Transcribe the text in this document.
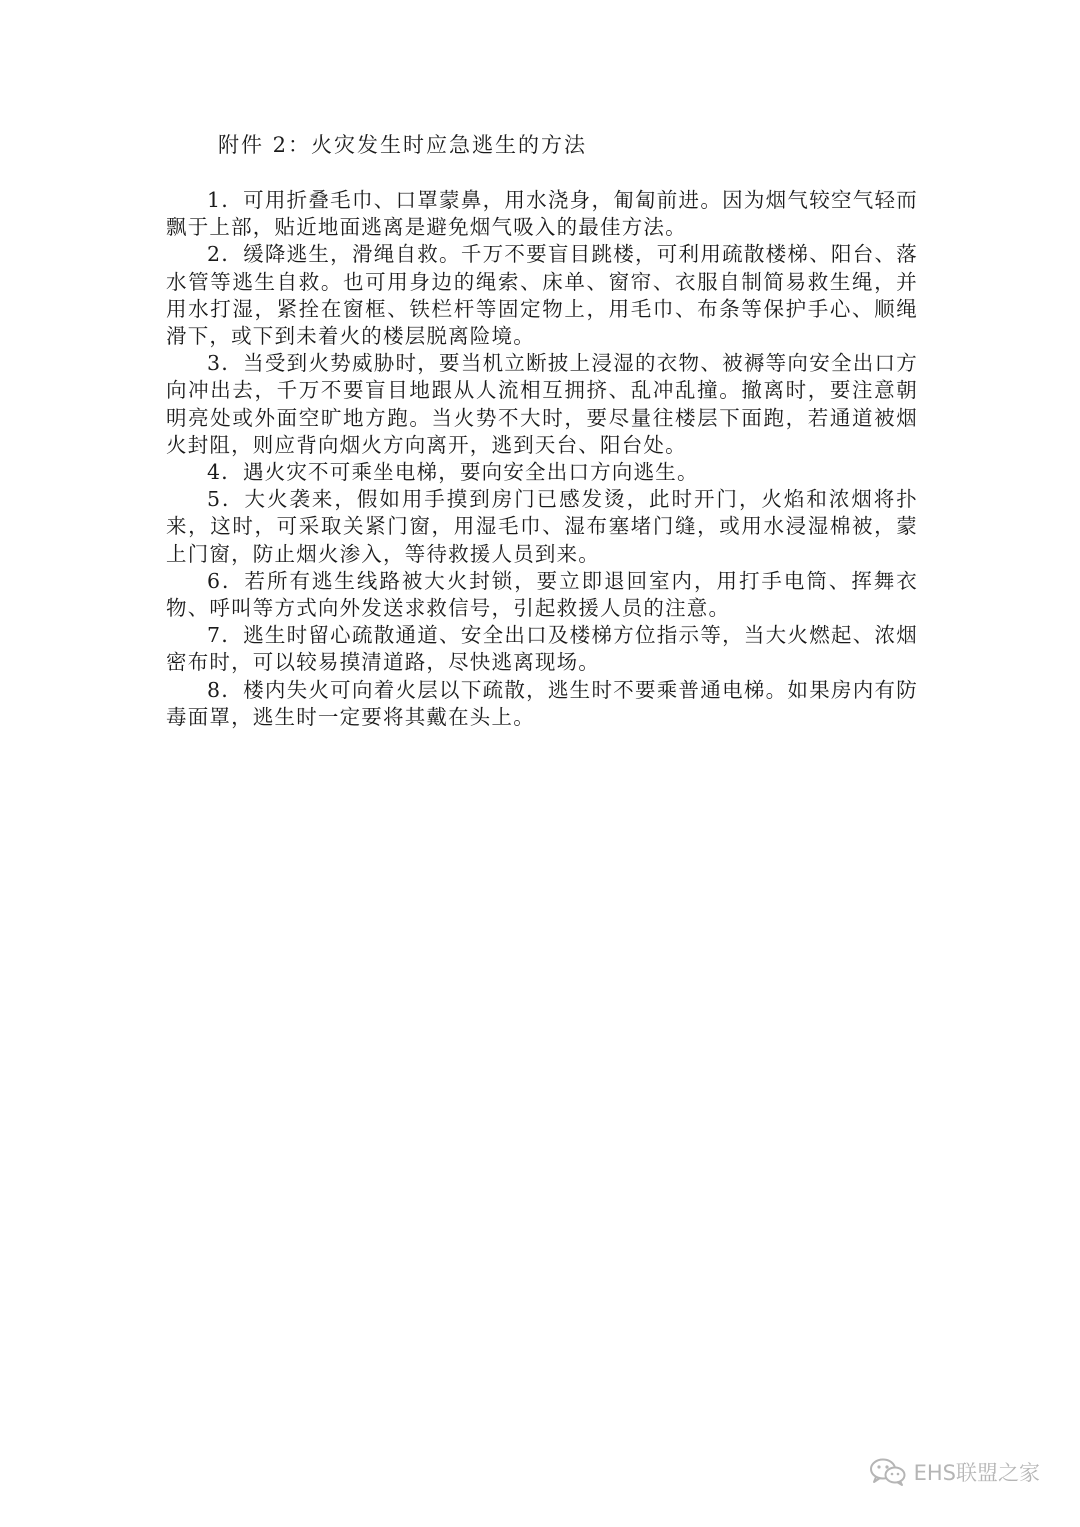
附件 2：火灾发生时应急逃生的方法

1．可用折叠毛巾、口罩蒙鼻，用水浇身，匍匐前进。因为烟气较空气轻而飘于上部，贴近地面逃离是避免烟气吸入的最佳方法。

2．缓降逃生，滑绳自救。千万不要盲目跳楼，可利用疏散楼梯、阳台、落水管等逃生自救。也可用身边的绳索、床单、窗帘、衣服自制简易救生绳，并用水打湿，紧拴在窗框、铁栏杆等固定物上，用毛巾、布条等保护手心、顺绳滑下，或下到未着火的楼层脱离险境。

3．当受到火势威胁时，要当机立断披上浸湿的衣物、被褥等向安全出口方向冲出去，千万不要盲目地跟从人流相互拥挤、乱冲乱撞。撤离时，要注意朝明亮处或外面空旷地方跑。当火势不大时，要尽量往楼层下面跑，若通道被烟火封阻，则应背向烟火方向离开，逃到天台、阳台处。

4．遇火灾不可乘坐电梯，要向安全出口方向逃生。

5．大火袭来，假如用手摸到房门已感发烫，此时开门，火焰和浓烟将扑来，这时，可采取关紧门窗，用湿毛巾、湿布塞堵门缝，或用水浸湿棉被，蒙上门窗，防止烟火渗入，等待救援人员到来。

6．若所有逃生线路被大火封锁，要立即退回室内，用打手电筒、挥舞衣物、呼叫等方式向外发送求救信号，引起救援人员的注意。

7．逃生时留心疏散通道、安全出口及楼梯方位指示等，当大火燃起、浓烟密布时，可以较易摸清道路，尽快逃离现场。

8．楼内失火可向着火层以下疏散，逃生时不要乘普通电梯。如果房内有防毒面罩，逃生时一定要将其戴在头上。

EHS联盟之家
